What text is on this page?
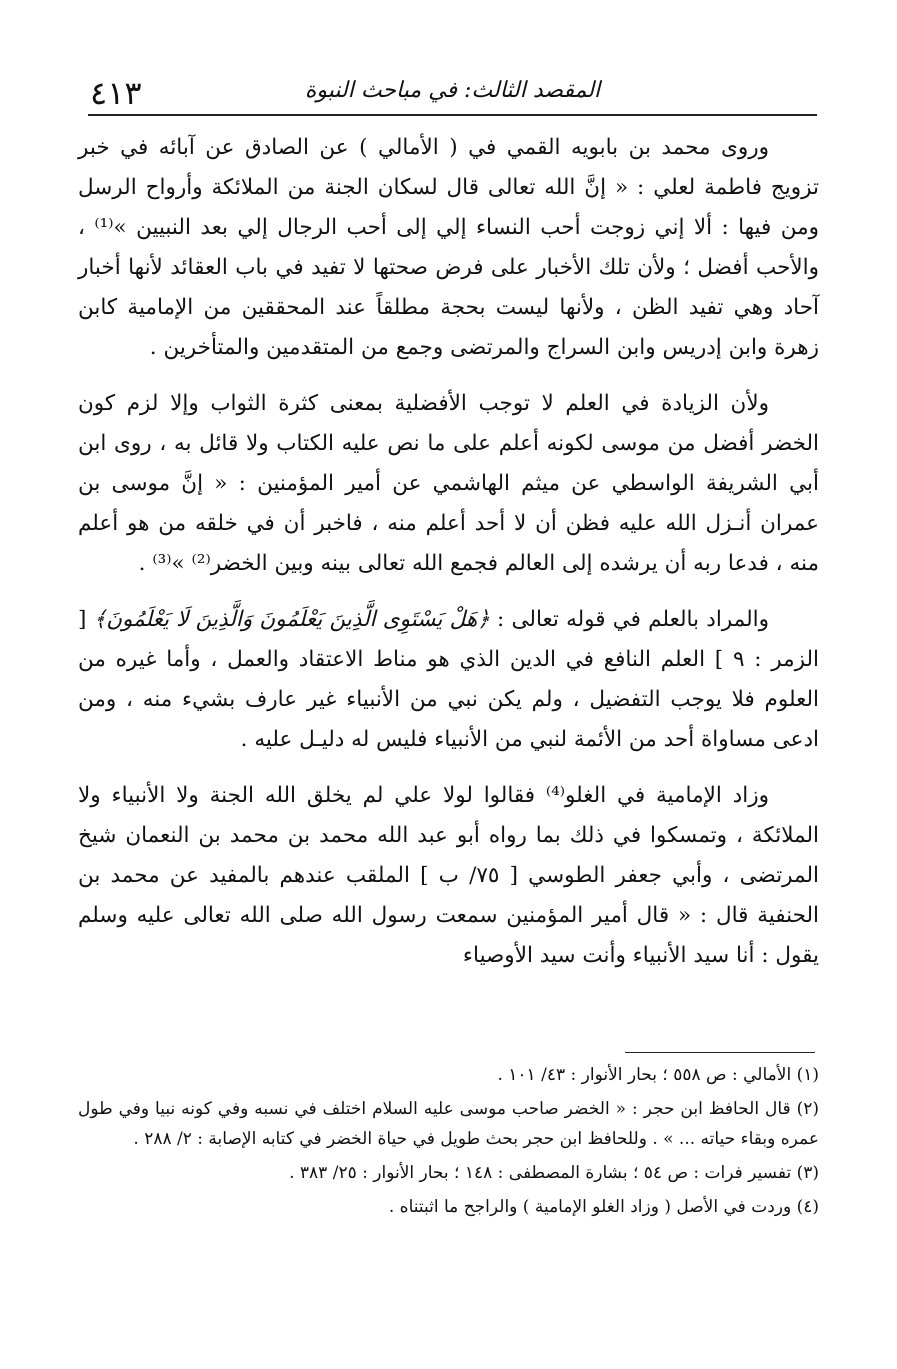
٤١٣	المقصد الثالث: في مباحث النبوة

وروى محمد بن بابويه القمي في ( الأمالي ) عن الصادق عن آبائه في خبر تزويج فاطمة لعلي : « إنَّ الله تعالى قال لسكان الجنة من الملائكة وأرواح الرسل ومن فيها : ألا إني زوجت أحب النساء إلي إلى أحب الرجال إلي بعد النبيين »⁽¹⁾ ، والأحب أفضل ؛ ولأن تلك الأخبار على فرض صحتها لا تفيد في باب العقائد لأنها أخبار آحاد وهي تفيد الظن ، ولأنها ليست بحجة مطلقاً عند المحققين من الإمامية كابن زهرة وابن إدريس وابن السراج والمرتضى وجمع من المتقدمين والمتأخرين .

ولأن الزيادة في العلم لا توجب الأفضلية بمعنى كثرة الثواب وإلا لزم كون الخضر أفضل من موسى لكونه أعلم على ما نص عليه الكتاب ولا قائل به ، روى ابن أبي الشريفة الواسطي عن ميثم الهاشمي عن أمير المؤمنين : « إنَّ موسى بن عمران أنـزل الله عليه فظن أن لا أحد أعلم منه ، فاخبر أن في خلقه من هو أعلم منه ، فدعا ربه أن يرشده إلى العالم فجمع الله تعالى بينه وبين الخضر⁽²⁾ »⁽³⁾ .

والمراد بالعلم في قوله تعالى : ﴿هَلْ يَسْتَوِى الَّذِينَ يَعْلَمُونَ وَالَّذِينَ لَا يَعْلَمُونَ﴾ [ الزمر : ٩ ] العلم النافع في الدين الذي هو مناط الاعتقاد والعمل ، وأما غيره من العلوم فلا يوجب التفضيل ، ولم يكن نبي من الأنبياء غير عارف بشيء منه ، ومن ادعى مساواة أحد من الأئمة لنبي من الأنبياء فليس له دليـل عليه .

وزاد الإمامية في الغلو⁽⁴⁾ فقالوا لولا علي لم يخلق الله الجنة ولا الأنبياء ولا الملائكة ، وتمسكوا في ذلك بما رواه أبو عبد الله محمد بن محمد بن النعمان شيخ المرتضى ، وأبي جعفر الطوسي [ ٧٥/ ب ] الملقب عندهم بالمفيد عن محمد بن الحنفية قال : « قال أمير المؤمنين سمعت رسول الله صلى الله تعالى عليه وسلم يقول : أنا سيد الأنبياء وأنت سيد الأوصياء

(١) الأمالي : ص ٥٥٨ ؛ بحار الأنوار : ٤٣/ ١٠١ .

(٢) قال الحافظ ابن حجر : « الخضر صاحب موسى عليه السلام اختلف في نسبه وفي كونه نبيا وفي طول عمره وبقاء حياته ... » . وللحافظ ابن حجر بحث طويل في حياة الخضر في كتابه الإصابة : ٢/ ٢٨٨ .

(٣) تفسير فرات : ص ٥٤ ؛ بشارة المصطفى : ١٤٨ ؛ بحار الأنوار : ٢٥/ ٣٨٣ .

(٤) وردت في الأصل ( وزاد الغلو الإمامية ) والراجح ما اثبتناه .
